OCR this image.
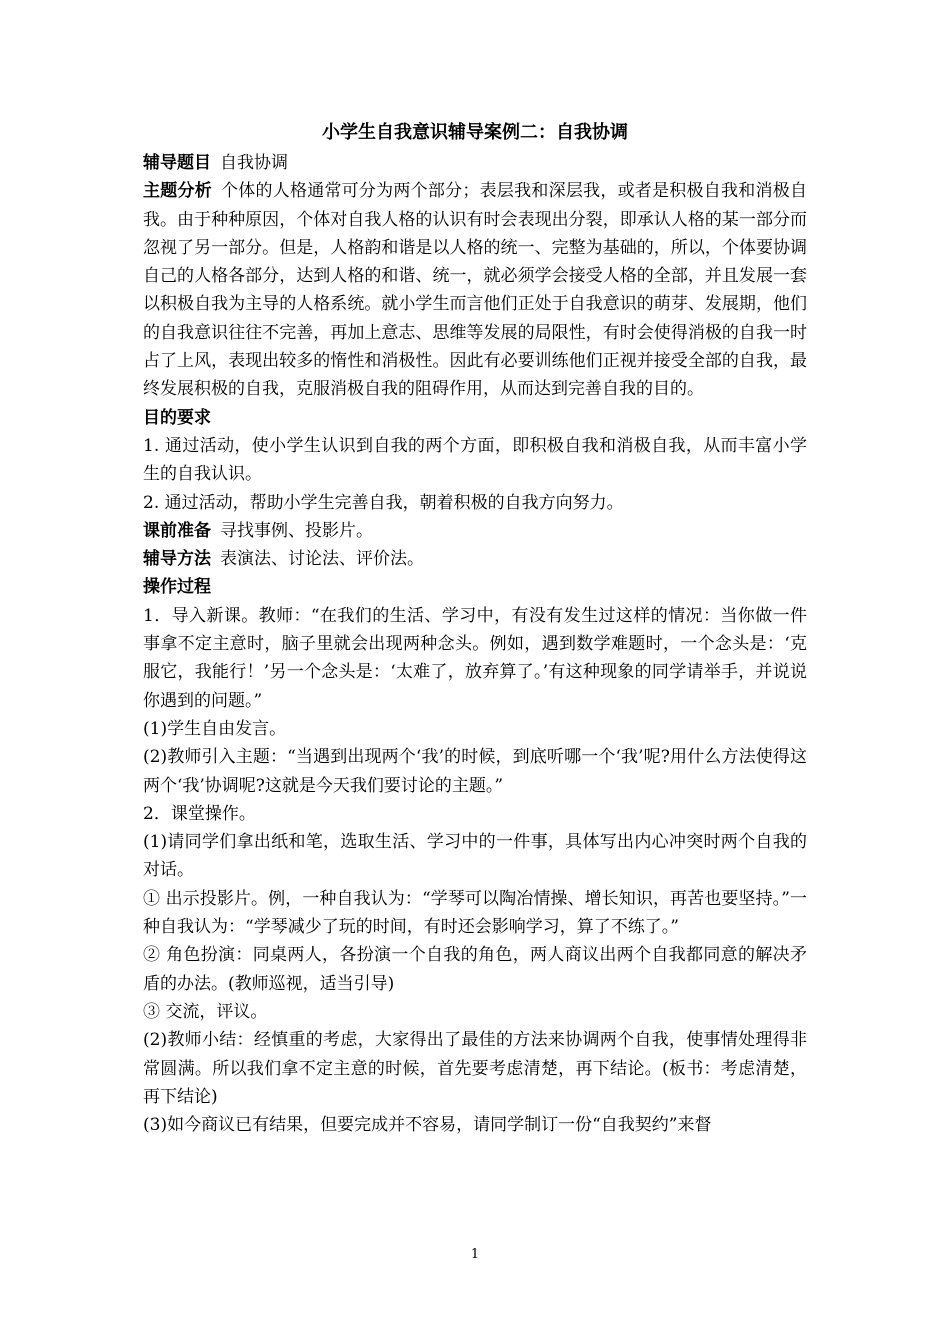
小学生自我意识辅导案例二：自我协调

辅导题目 自我协调

主题分析 个体的人格通常可分为两个部分；表层我和深层我，或者是积极自我和消极自我。由于种种原因，个体对自我人格的认识有时会表现出分裂，即承认人格的某一部分而忽视了另一部分。但是，人格韵和谐是以人格的统一、完整为基础的，所以，个体要协调自己的人格各部分，达到人格的和谐、统一，就必须学会接受人格的全部，并且发展一套以积极自我为主导的人格系统。就小学生而言他们正处于自我意识的萌芽、发展期，他们的自我意识往往不完善，再加上意志、思维等发展的局限性，有时会使得消极的自我一时占了上风，表现出较多的惰性和消极性。因此有必要训练他们正视并接受全部的自我，最终发展积极的自我，克服消极自我的阻碍作用，从而达到完善自我的目的。

目的要求

1. 通过活动，使小学生认识到自我的两个方面，即积极自我和消极自我，从而丰富小学生的自我认识。

2. 通过活动，帮助小学生完善自我，朝着积极的自我方向努力。

课前准备 寻找事例、投影片。

辅导方法 表演法、讨论法、评价法。

操作过程

1．导入新课。教师：“在我们的生活、学习中，有没有发生过这样的情况：当你做一件事拿不定主意时，脑子里就会出现两种念头。例如，遇到数学难题时，一个念头是：‘克服它，我能行！’另一个念头是：‘太难了，放弃算了。’有这种现象的同学请举手，并说说你遇到的问题。”

(1)学生自由发言。

(2)教师引入主题：“当遇到出现两个‘我’的时候，到底听哪一个‘我’呢?用什么方法使得这两个‘我’协调呢?这就是今天我们要讨论的主题。”

2．课堂操作。

(1)请同学们拿出纸和笔，选取生活、学习中的一件事，具体写出内心冲突时两个自我的对话。

① 出示投影片。例，一种自我认为：“学琴可以陶冶情操、增长知识，再苦也要坚持。”一种自我认为：“学琴减少了玩的时间，有时还会影响学习，算了不练了。”

② 角色扮演：同桌两人，各扮演一个自我的角色，两人商议出两个自我都同意的解决矛盾的办法。(教师巡视，适当引导)

③ 交流，评议。

(2)教师小结：经慎重的考虑，大家得出了最佳的方法来协调两个自我，使事情处理得非常圆满。所以我们拿不定主意的时候，首先要考虑清楚，再下结论。(板书：考虑清楚，再下结论)

(3)如今商议已有结果，但要完成并不容易，请同学制订一份“自我契约”来督

1
